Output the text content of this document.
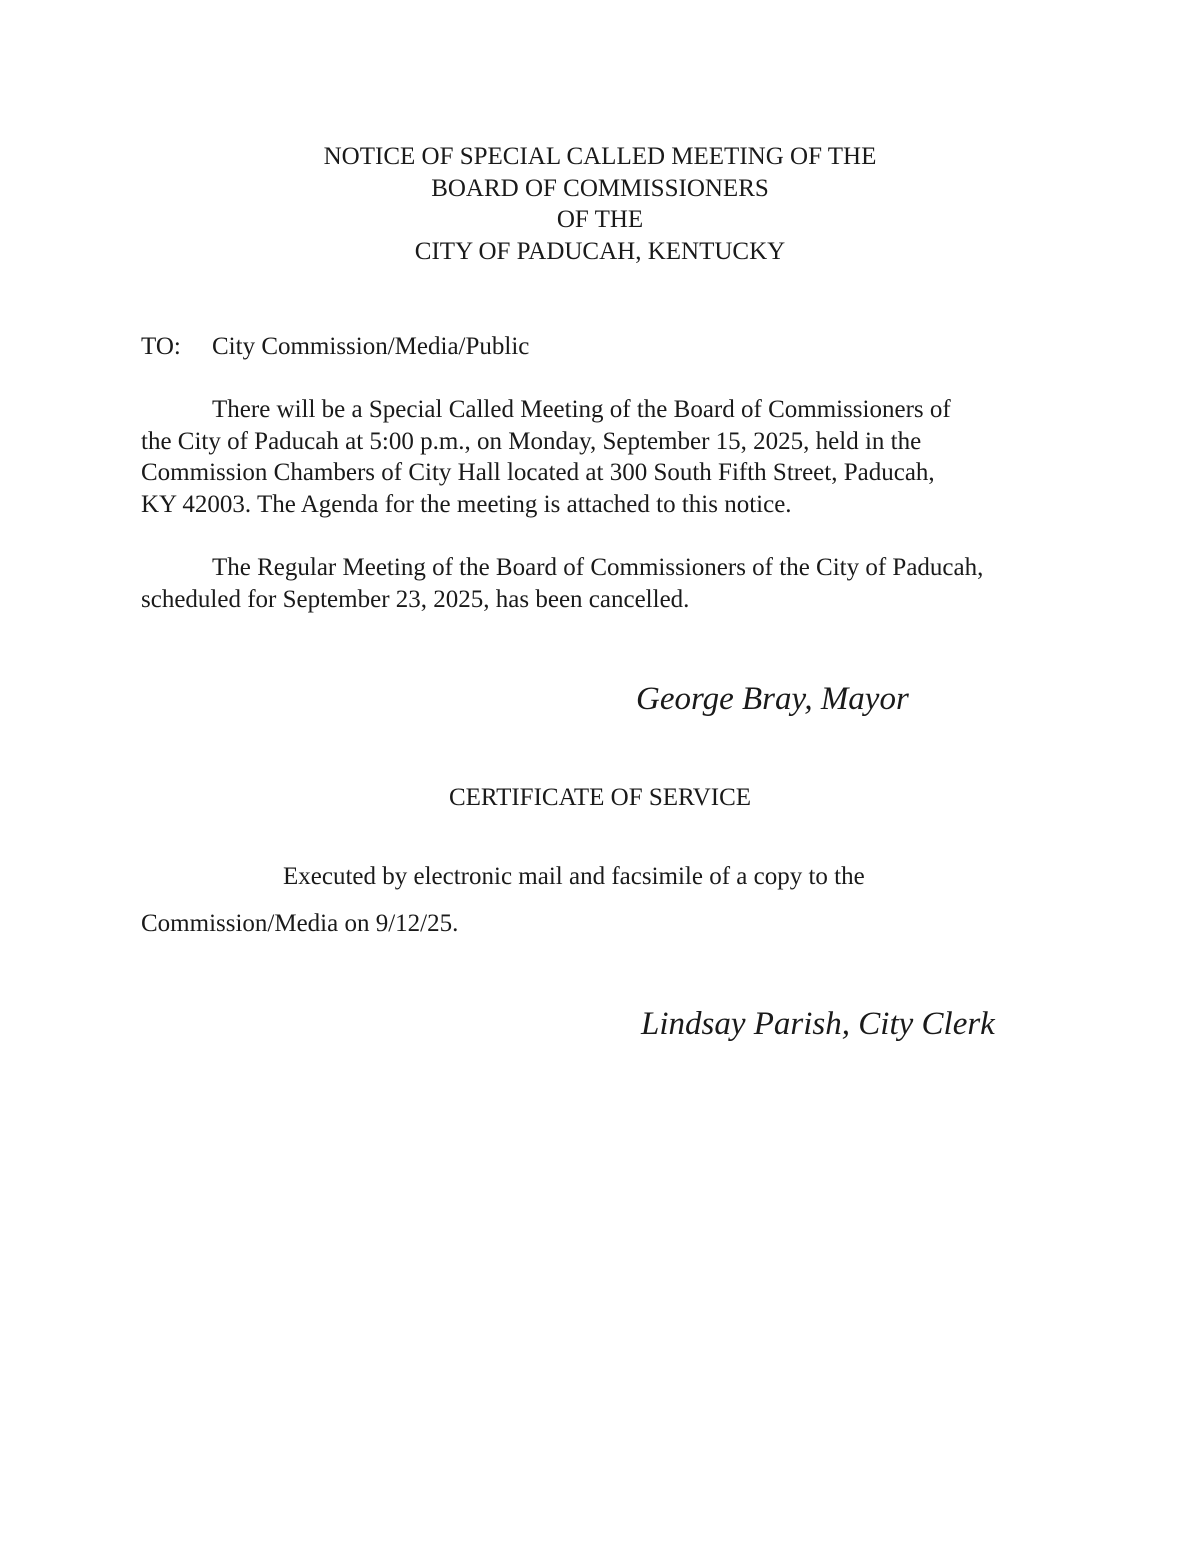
NOTICE OF SPECIAL CALLED MEETING OF THE
BOARD OF COMMISSIONERS
OF THE
CITY OF PADUCAH, KENTUCKY
TO: City Commission/Media/Public
There will be a Special Called Meeting of the Board of Commissioners of
the City of Paducah at 5:00 p.m., on Monday, September 15, 2025, held in the
Commission Chambers of City Hall located at 300 South Fifth Street, Paducah,
KY 42003. The Agenda for the meeting is attached to this notice.
The Regular Meeting of the Board of Commissioners of the City of Paducah,
scheduled for September 23, 2025, has been cancelled.
George Bray, Mayor
CERTIFICATE OF SERVICE
Executed by electronic mail and facsimile of a copy to the
Commission/Media on 9/12/25.
Lindsay Parish, City Clerk
